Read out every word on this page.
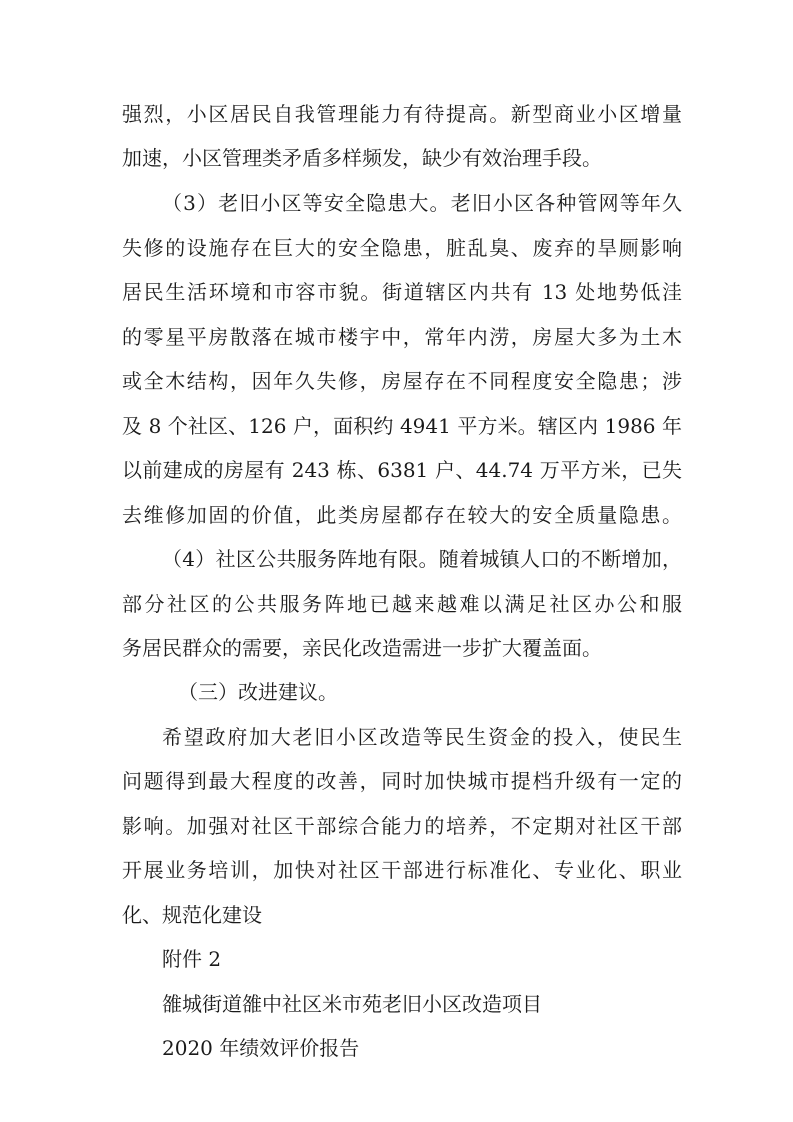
强烈，小区居民自我管理能力有待提高。新型商业小区增量
加速，小区管理类矛盾多样频发，缺少有效治理手段。
（3）老旧小区等安全隐患大。老旧小区各种管网等年久
失修的设施存在巨大的安全隐患，脏乱臭、废弃的旱厕影响
居民生活环境和市容市貌。街道辖区内共有 13 处地势低洼
的零星平房散落在城市楼宇中，常年内涝，房屋大多为土木
或全木结构，因年久失修，房屋存在不同程度安全隐患；涉
及 8 个社区、126 户，面积约 4941 平方米。辖区内 1986 年
以前建成的房屋有 243 栋、6381 户、44.74 万平方米，已失
去维修加固的价值，此类房屋都存在较大的安全质量隐患。
（4）社区公共服务阵地有限。随着城镇人口的不断增加，
部分社区的公共服务阵地已越来越难以满足社区办公和服
务居民群众的需要，亲民化改造需进一步扩大覆盖面。
（三）改进建议。
希望政府加大老旧小区改造等民生资金的投入，使民生
问题得到最大程度的改善，同时加快城市提档升级有一定的
影响。加强对社区干部综合能力的培养，不定期对社区干部
开展业务培训，加快对社区干部进行标准化、专业化、职业
化、规范化建设
附件 2
雒城街道雒中社区米市苑老旧小区改造项目
2020 年绩效评价报告
